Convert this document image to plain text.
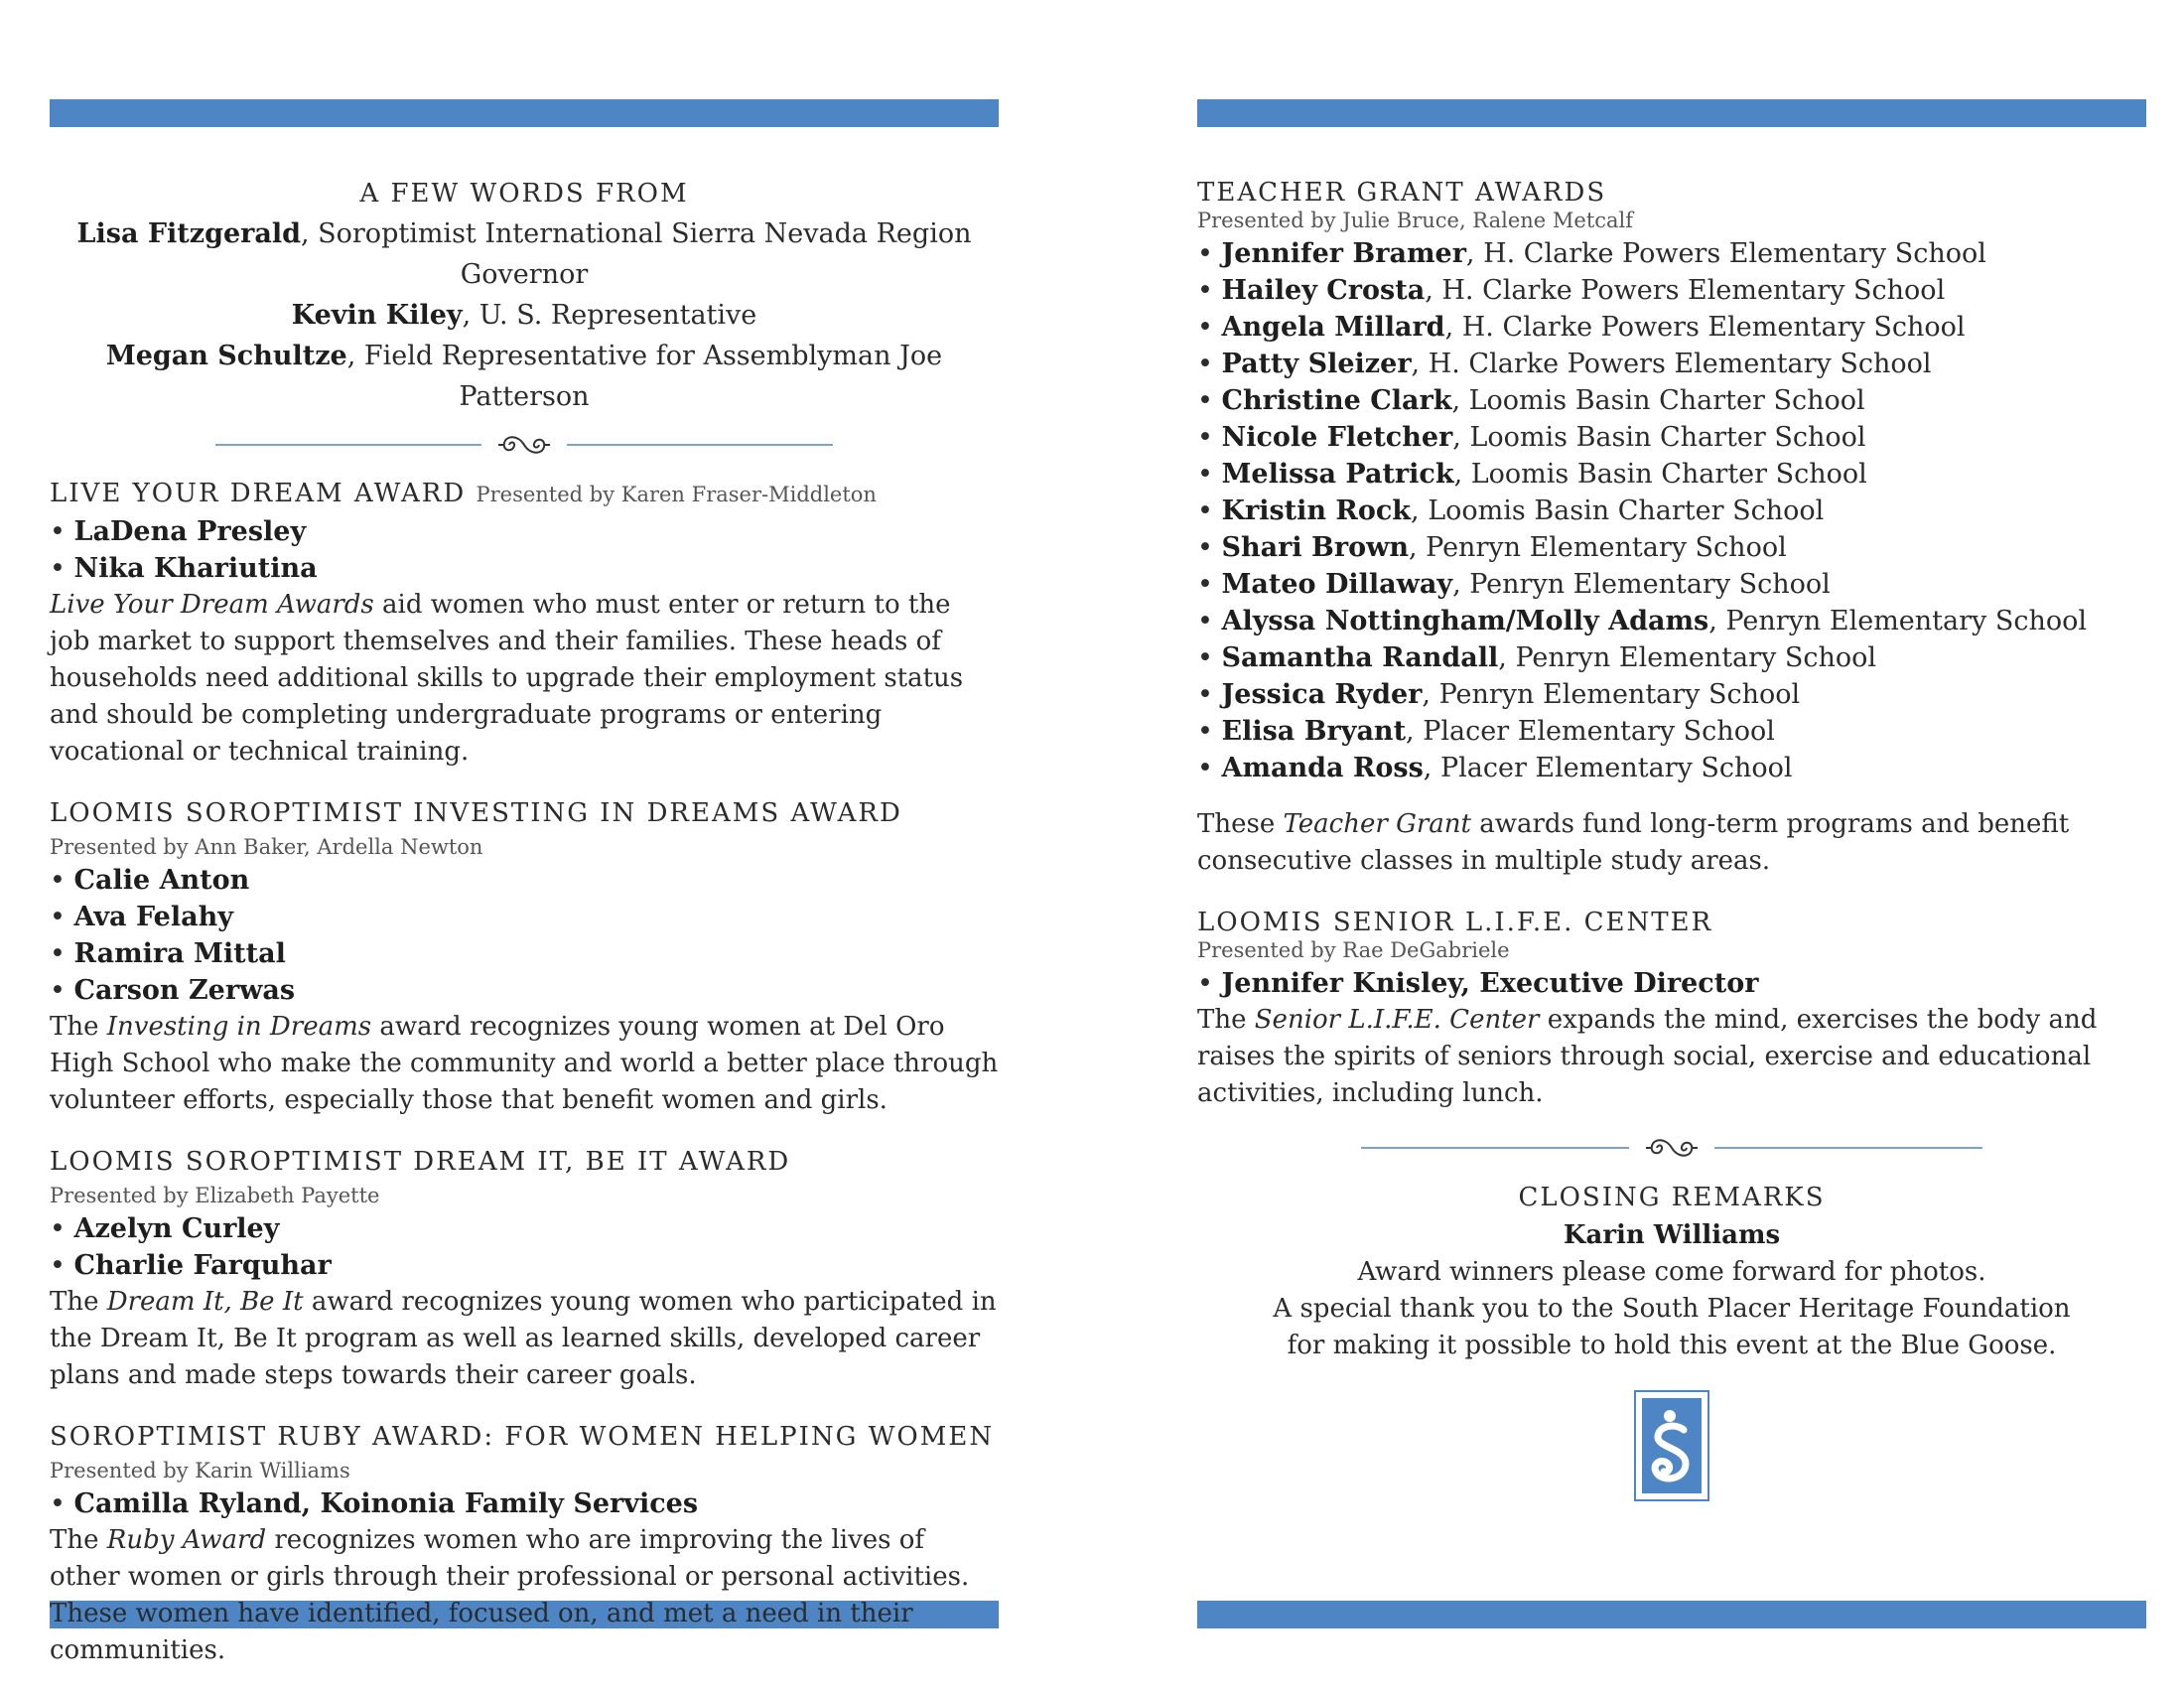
A FEW WORDS FROM
Lisa Fitzgerald, Soroptimist International Sierra Nevada Region Governor
Kevin Kiley, U. S. Representative
Megan Schultze, Field Representative for Assemblyman Joe Patterson
LIVE YOUR DREAM AWARD Presented by Karen Fraser-Middleton
• LaDena Presley
• Nika Khariutina
Live Your Dream Awards aid women who must enter or return to the job market to support themselves and their families. These heads of households need additional skills to upgrade their employment status and should be completing undergraduate programs or entering vocational or technical training.
LOOMIS SOROPTIMIST INVESTING IN DREAMS AWARD
Presented by Ann Baker, Ardella Newton
• Calie Anton
• Ava Felahy
• Ramira Mittal
• Carson Zerwas
The Investing in Dreams award recognizes young women at Del Oro High School who make the community and world a better place through volunteer efforts, especially those that benefit women and girls.
LOOMIS SOROPTIMIST DREAM IT, BE IT AWARD
Presented by Elizabeth Payette
• Azelyn Curley
• Charlie Farquhar
The Dream It, Be It award recognizes young women who participated in the Dream It, Be It program as well as learned skills, developed career plans and made steps towards their career goals.
SOROPTIMIST RUBY AWARD: FOR WOMEN HELPING WOMEN
Presented by Karin Williams
• Camilla Ryland, Koinonia Family Services
The Ruby Award recognizes women who are improving the lives of other women or girls through their professional or personal activities. These women have identified, focused on, and met a need in their communities.
TEACHER GRANT AWARDS
Presented by Julie Bruce, Ralene Metcalf
• Jennifer Bramer, H. Clarke Powers Elementary School
• Hailey Crosta, H. Clarke Powers Elementary School
• Angela Millard, H. Clarke Powers Elementary School
• Patty Sleizer, H. Clarke Powers Elementary School
• Christine Clark, Loomis Basin Charter School
• Nicole Fletcher, Loomis Basin Charter School
• Melissa Patrick, Loomis Basin Charter School
• Kristin Rock, Loomis Basin Charter School
• Shari Brown, Penryn Elementary School
• Mateo Dillaway, Penryn Elementary School
• Alyssa Nottingham/Molly Adams, Penryn Elementary School
• Samantha Randall, Penryn Elementary School
• Jessica Ryder, Penryn Elementary School
• Elisa Bryant, Placer Elementary School
• Amanda Ross, Placer Elementary School
These Teacher Grant awards fund long-term programs and benefit consecutive classes in multiple study areas.
LOOMIS SENIOR L.I.F.E. CENTER
Presented by Rae DeGabriele
• Jennifer Knisley, Executive Director
The Senior L.I.F.E. Center expands the mind, exercises the body and raises the spirits of seniors through social, exercise and educational activities, including lunch.
CLOSING REMARKS
Karin Williams
Award winners please come forward for photos.
A special thank you to the South Placer Heritage Foundation
for making it possible to hold this event at the Blue Goose.
